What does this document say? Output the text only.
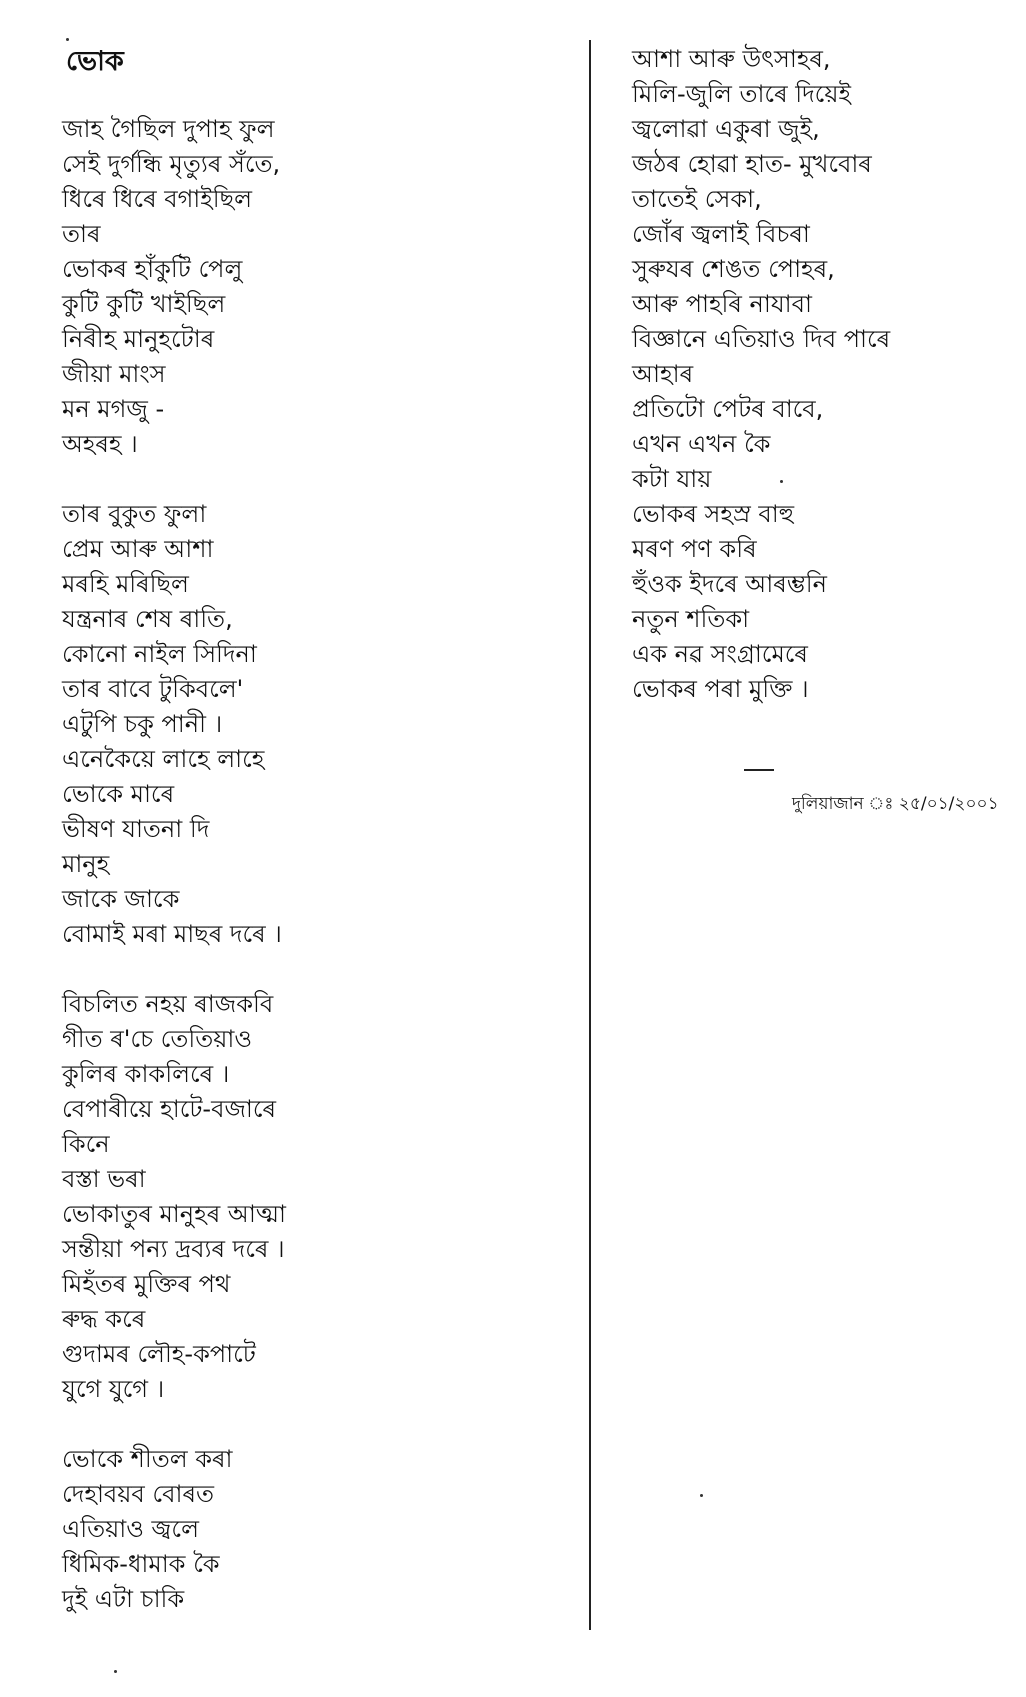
ভোক
জাহ গৈছিল দুপাহ ফুল
সেই দুৰ্গন্ধি মৃত্যুৰ সঁতে,
ধিৰে ধিৰে বগাইছিল
তাৰ
ভোকৰ হাঁকুটি পেলু
কুটি কুটি খাইছিল
নিৰীহ মানুহটোৰ
জীয়া মাংস
মন মগজু -
অহৰহ ।
তাৰ বুকুত ফুলা
প্ৰেম আৰু আশা
মৰহি মৰিছিল
যন্ত্ৰনাৰ শেষ ৰাতি,
কোনো নাইল সিদিনা
তাৰ বাবে টুকিবলে'
এটুপি চকু পানী ।
এনেকৈয়ে লাহে লাহে
ভোকে মাৰে
ভীষণ যাতনা দি
মানুহ
জাকে জাকে
বোমাই মৰা মাছৰ দৰে ।
বিচলিত নহয় ৰাজকবি
গীত ৰ'চে তেতিয়াও
কুলিৰ কাকলিৰে ।
বেপাৰীয়ে হাটে-বজাৰে
কিনে
বস্তা ভৰা
ভোকাতুৰ মানুহৰ আত্মা
সন্তীয়া পন্য দ্ৰব্যৰ দৰে ।
মিহঁতৰ মুক্তিৰ পথ
ৰুদ্ধ কৰে
গুদামৰ লৌহ-কপাটে
যুগে যুগে ।
ভোকে শীতল কৰা
দেহাবয়ব বোৰত
এতিয়াও জ্বলে
ধিমিক-ধামাক কৈ
দুই এটা চাকি
আশা আৰু উৎসাহৰ,
মিলি-জুলি তাৰে দিয়েই
জ্বলোৱা একুৰা জুই,
জঠৰ হোৱা হাত- মুখবোৰ
তাতেই সেকা,
জোঁৰ জ্বলাই বিচৰা
সুৰুযৰ শেঙত পোহৰ,
আৰু পাহৰি নাযাবা
বিজ্ঞানে এতিয়াও দিব পাৰে
আহাৰ
প্ৰতিটো পেটৰ বাবে,
এখন এখন কৈ
কটা যায়
ভোকৰ সহস্ৰ বাহু
মৰণ পণ কৰি
হুঁওক ইদৰে আৰম্ভনি
নতুন শতিকা
এক নৱ সংগ্ৰামেৰে
ভোকৰ পৰা মুক্তি ।
দুলিয়াজান ঃ ২৫/০১/২০০১
